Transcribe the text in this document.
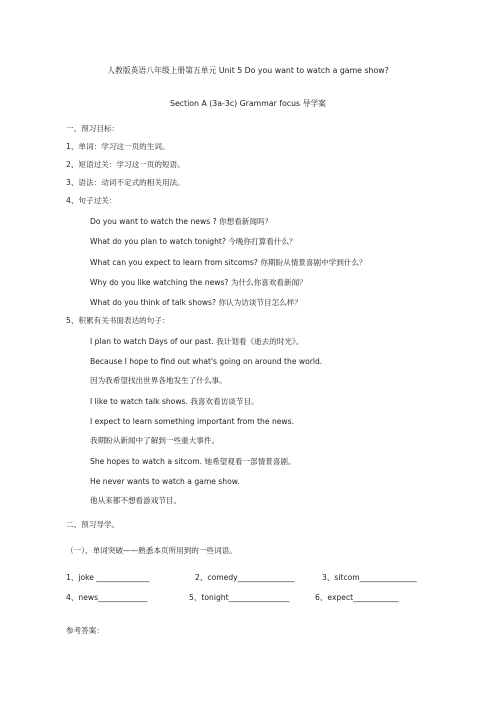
人教版英语八年级上册第五单元 Unit 5 Do you want to watch a game show?
Section A (3a-3c) Grammar focus 导学案
一、预习目标：
1、单词：学习这一页的生词。
2、短语过关：学习这一页的短语。
3、语法：动词不定式的相关用法。
4、句子过关：
Do you want to watch the news ? 你想看新闻吗？
What do you plan to watch tonight? 今晚你打算看什么？
What can you expect to learn from sitcoms? 你期盼从情景喜剧中学到什么？
Why do you like watching the news? 为什么你喜欢看新闻？
What do you think of talk shows? 你认为访谈节目怎么样？
5、积累有关书面表达的句子：
I plan to watch Days of our past. 我计划看《逝去的时光》。
Because I hope to find out what's going on around the world.
因为我希望找出世界各地发生了什么事。
I like to watch talk shows. 我喜欢看访谈节目。
I expect to learn something important from the news.
我期盼从新闻中了解到一些重大事件。
She hopes to watch a sitcom. 她希望观看一部情景喜剧。
He never wants to watch a game show.
他从来都不想看游戏节目。
二、预习导学。
（一）、单词突破——熟悉本页所用到的一些词语。
1、joke ______________	2、comedy_______________	3、sitcom_______________
4、news_____________	5、tonight________________	6、expect____________
参考答案：
